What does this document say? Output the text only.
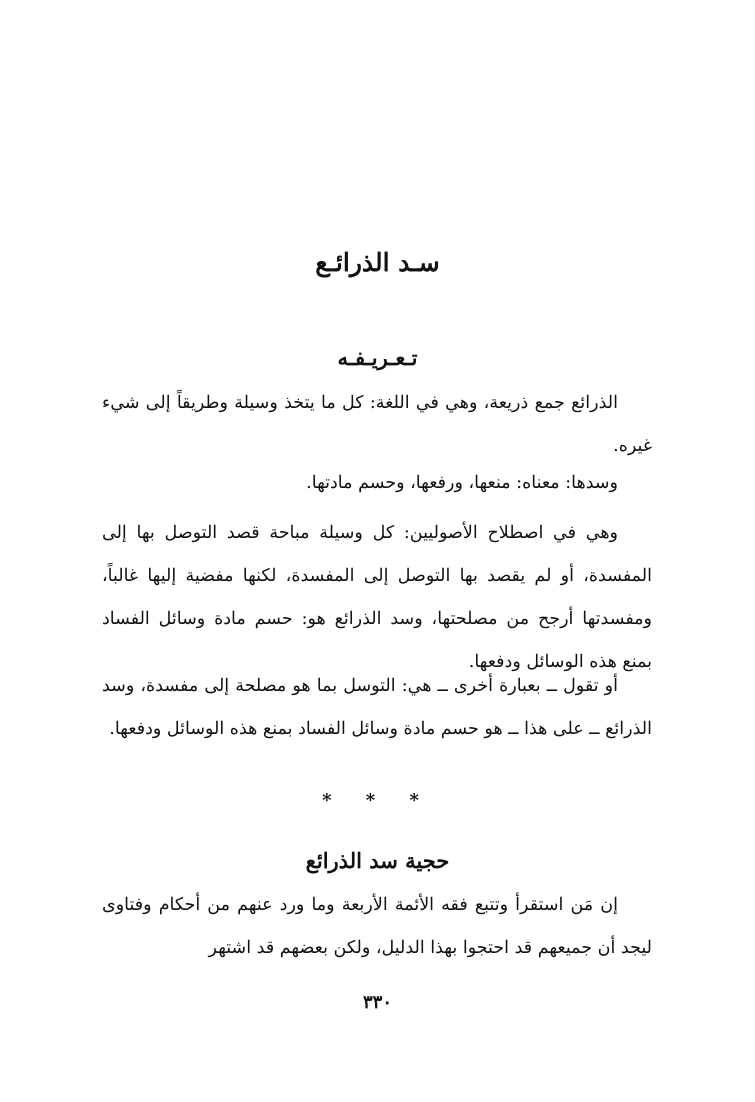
سـد الذرائـع
تـعـريـفـه

الذرائع جمع ذريعة، وهي في اللغة: كل ما يتخذ وسيلة وطريقاً إلى شيء غيره.

وسدها: معناه: منعها، ورفعها، وحسم مادتها.

وهي في اصطلاح الأصوليين: كل وسيلة مباحة قصد التوصل بها إلى المفسدة، أو لم يقصد بها التوصل إلى المفسدة، لكنها مفضية إليها غالباً، ومفسدتها أرجح من مصلحتها، وسد الذرائع هو: حسم مادة وسائل الفساد بمنع هذه الوسائل ودفعها.

أو تقول ــ بعبارة أخرى ــ هي: التوسل بما هو مصلحة إلى مفسدة، وسد الذرائع ــ على هذا ــ هو حسم مادة وسائل الفساد بمنع هذه الوسائل ودفعها.

* * *
حجية سد الذرائع

إن مَن استقرأ وتتبع فقه الأئمة الأربعة وما ورد عنهم من أحكام وفتاوى ليجد أن جميعهم قد احتجوا بهذا الدليل، ولكن بعضهم قد اشتهر

٣٣٠
